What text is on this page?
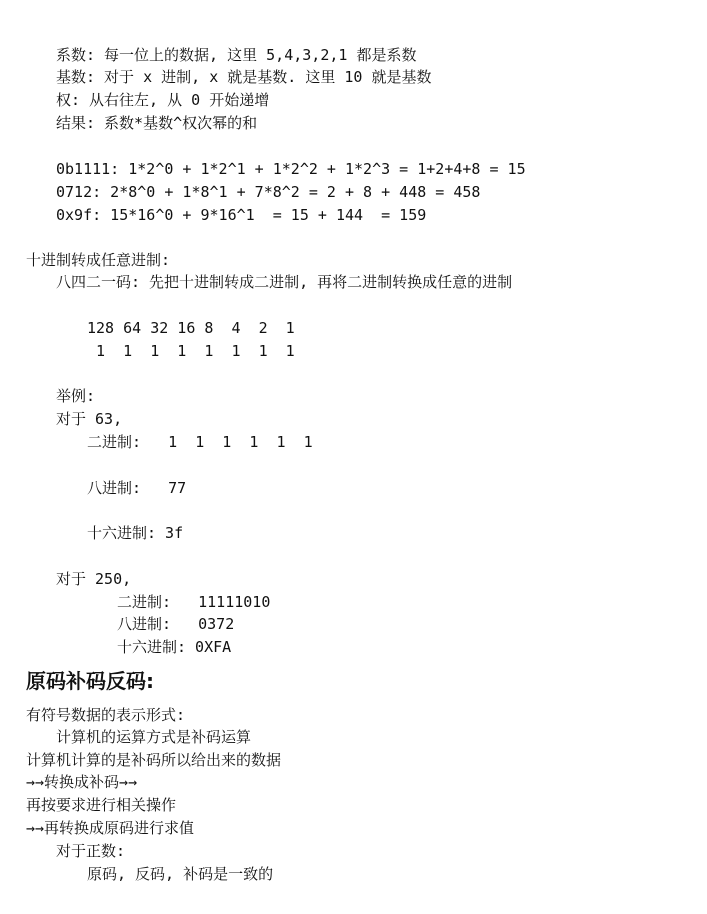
系数: 每一位上的数据, 这里 5,4,3,2,1 都是系数
基数: 对于 x 进制, x 就是基数. 这里 10 就是基数
权: 从右往左, 从 0 开始递增
结果: 系数*基数^权次幂的和
0b1111: 1*2^0 + 1*2^1 + 1*2^2 + 1*2^3 = 1+2+4+8 = 15
0712: 2*8^0 + 1*8^1 + 7*8^2 = 2 + 8 + 448 = 458
0x9f: 15*16^0 + 9*16^1  = 15 + 144  = 159
十进制转成任意进制:
八四二一码: 先把十进制转成二进制, 再将二进制转换成任意的进制
128 64 32 16 8  4  2  1
1  1  1  1  1  1  1  1
举例:
对于 63,
二进制:   1  1  1  1  1  1
八进制:   77
十六进制: 3f
对于 250,
二进制:   11111010
八进制:   0372
十六进制: 0XFA
原码补码反码:
有符号数据的表示形式:
计算机的运算方式是补码运算
计算机计算的是补码所以给出来的数据
→→转换成补码→→
再按要求进行相关操作
→→再转换成原码进行求值
对于正数:
原码, 反码, 补码是一致的
